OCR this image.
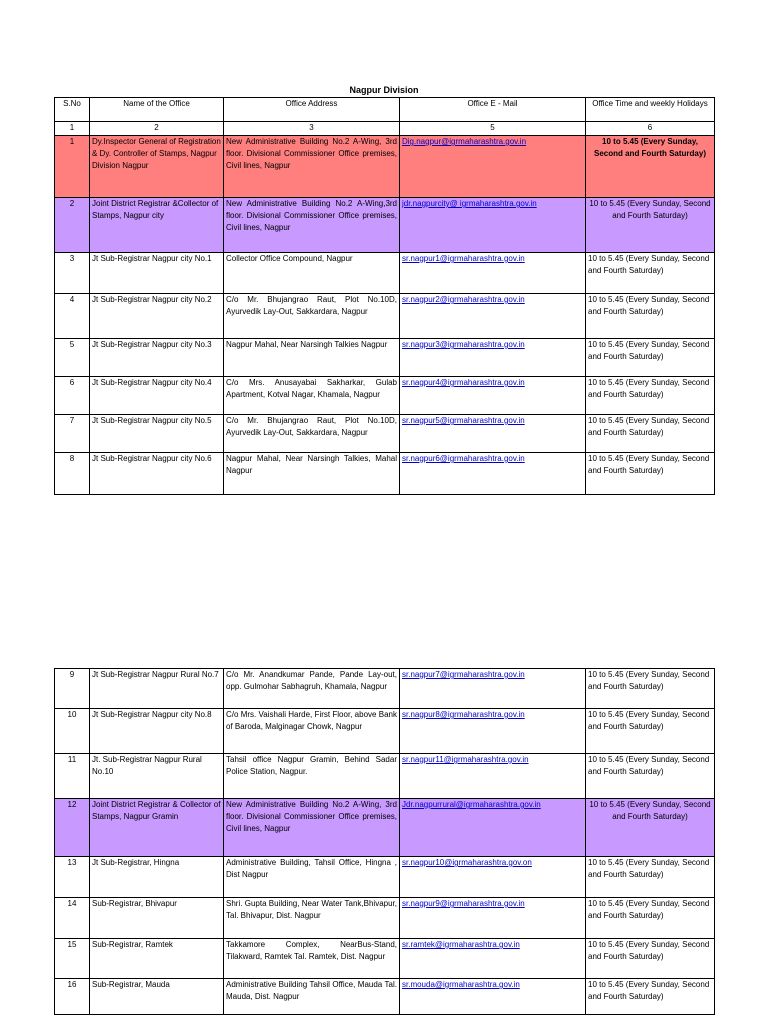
Nagpur Division
S.No	Name of the Office	Office Address	Office E - Mail	Office Time and weekly Holidays
1	2	3	5	6
1	Dy.Inspector General of Registration & Dy. Controller of Stamps, Nagpur Division Nagpur	New Administrative Building No.2 A-Wing, 3rd floor. Divisional Commissioner Office premises, Civil lines, Nagpur	Dig.nagpur@igrmaharashtra.gov.in	10 to 5.45 (Every Sunday, Second and Fourth Saturday)
2	Joint District Registrar &Collector of Stamps, Nagpur city	New Administrative Building No.2 A-Wing,3rd floor. Divisional Commissioner Office premises, Civil lines, Nagpur	jdr.nagpurcity@ igrmaharashtra.gov.in	10 to 5.45 (Every Sunday, Second and Fourth Saturday)
3	Jt Sub-Registrar Nagpur city No.1	Collector Office Compound, Nagpur	sr.nagpur1@igrmaharashtra.gov.in	10 to 5.45 (Every Sunday, Second and Fourth Saturday)
4	Jt Sub-Registrar Nagpur city No.2	C/o Mr. Bhujangrao Raut, Plot No.10D, Ayurvedik Lay-Out, Sakkardara, Nagpur	sr.nagpur2@igrmaharashtra.gov.in	10 to 5.45 (Every Sunday, Second and Fourth Saturday)
5	Jt Sub-Registrar Nagpur city No.3	Nagpur Mahal, Near Narsingh Talkies Nagpur	sr.nagpur3@igrmaharashtra.gov.in	10 to 5.45 (Every Sunday, Second and Fourth Saturday)
6	Jt Sub-Registrar Nagpur city No.4	C/o Mrs. Anusayabai Sakharkar, Gulab Apartment, Kotval Nagar, Khamala, Nagpur	sr.nagpur4@igrmaharashtra.gov.in	10 to 5.45 (Every Sunday, Second and Fourth Saturday)
7	Jt Sub-Registrar Nagpur city No.5	C/o Mr. Bhujangrao Raut, Plot No.10D, Ayurvedik Lay-Out, Sakkardara, Nagpur	sr.nagpur5@igrmaharashtra.gov.in	10 to 5.45 (Every Sunday, Second and Fourth Saturday)
8	Jt Sub-Registrar Nagpur city No.6	Nagpur Mahal, Near Narsingh Talkies, Mahal Nagpur	sr.nagpur6@igrmaharashtra.gov.in	10 to 5.45 (Every Sunday, Second and Fourth Saturday)
9	Jt Sub-Registrar Nagpur Rural No.7	C/o Mr. Anandkumar Pande, Pande Lay-out, opp. Gulmohar Sabhagruh, Khamala, Nagpur	sr.nagpur7@igrmaharashtra.gov.in	10 to 5.45 (Every Sunday, Second and Fourth Saturday)
10	Jt Sub-Registrar Nagpur city No.8	C/o Mrs. Vaishali Harde, First Floor, above Bank of Baroda, Malginagar Chowk, Nagpur	sr.nagpur8@igrmaharashtra.gov.in	10 to 5.45 (Every Sunday, Second and Fourth Saturday)
11	Jt. Sub-Registrar Nagpur Rural No.10	Tahsil office Nagpur Gramin, Behind Sadar Police Station, Nagpur.	sr.nagpur11@igrmaharashtra.gov.in	10 to 5.45 (Every Sunday, Second and Fourth Saturday)
12	Joint District Registrar & Collector of Stamps, Nagpur Gramin	New Administrative Building No.2 A-Wing, 3rd floor. Divisional Commissioner Office premises, Civil lines, Nagpur	Jdr.nagpurrural@igrmaharashtra.gov.in	10 to 5.45 (Every Sunday, Second and Fourth Saturday)
13	Jt Sub-Registrar, Hingna	Administrative Building, Tahsil Office, Hingna , Dist Nagpur	sr.nagpur10@igrmaharashtra.gov.on	10 to 5.45 (Every Sunday, Second and Fourth Saturday)
14	Sub-Registrar, Bhivapur	Shri. Gupta Building, Near Water Tank,Bhivapur, Tal. Bhivapur, Dist. Nagpur	sr.nagpur9@igrmaharashtra.gov.in	10 to 5.45 (Every Sunday, Second and Fourth Saturday)
15	Sub-Registrar, Ramtek	Takkamore Complex, NearBus-Stand, Tilakward, Ramtek Tal. Ramtek, Dist. Nagpur	sr.ramtek@igrmaharashtra.gov.in	10 to 5.45 (Every Sunday, Second and Fourth Saturday)
16	Sub-Registrar, Mauda	Administrative Building Tahsil Office, Mauda Tal. Mauda, Dist. Nagpur	sr.mouda@igrmaharashtra.gov.in	10 to 5.45 (Every Sunday, Second and Fourth Saturday)
